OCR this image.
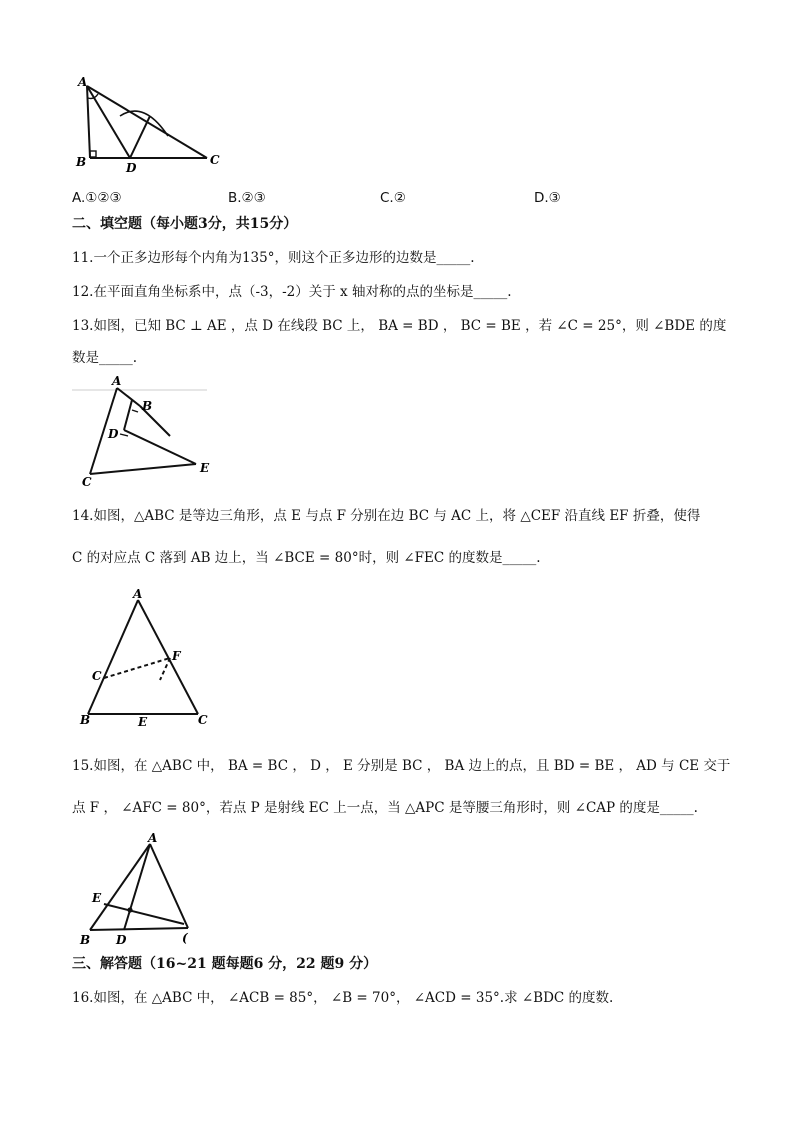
A
B	D
C
A.①②③	B.②③	C.②	D.③
二、填空题（每小题3分，共15分）
11.一个正多边形每个内角为135°，则这个正多边形的边数是_____.
12.在平面直角坐标系中，点（-3，-2）关于 x 轴对称的点的坐标是_____.
13.如图，已知 BC ⊥ AE ，点 D 在线段 BC 上， BA = BD ， BC = BE ，若 ∠C = 25°，则 ∠BDE 的度
数是_____.
A
B
D
C
E
14.如图，△ABC 是等边三角形，点 E 与点 F 分别在边 BC 与 AC 上，将 △CEF 沿直线 EF 折叠，使得
C 的对应点 C 落到 AB 边上，当 ∠BCE = 80°时，则 ∠FEC 的度数是_____.
A
C
F
B	E	C
15.如图，在 △ABC 中， BA = BC ， D ， E 分别是 BC ， BA 边上的点，且 BD = BE ， AD 与 CE 交于
点 F ， ∠AFC = 80°，若点 P 是射线 EC 上一点，当 △APC 是等腰三角形时，则 ∠CAP 的度是_____.
A
E
B D	(
三、解答题（16~21 题每题6 分，22 题9 分）
16.如图，在 △ABC 中， ∠ACB = 85°， ∠B = 70°， ∠ACD = 35°.求 ∠BDC 的度数.
